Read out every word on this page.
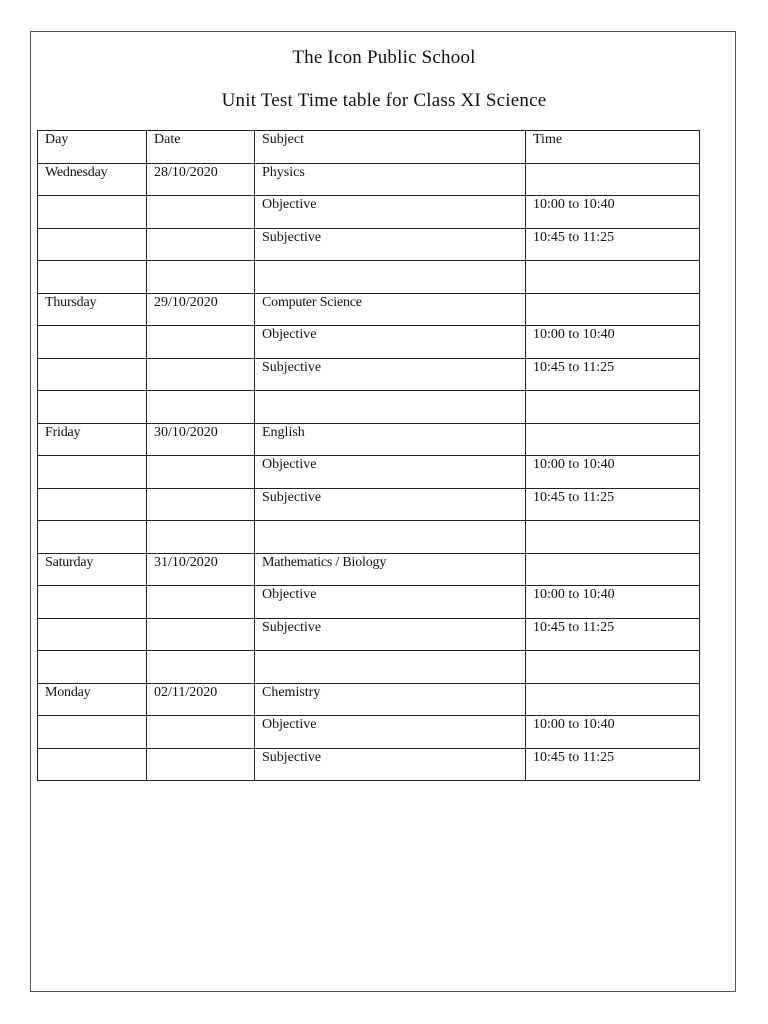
The Icon Public School
Unit Test Time table for Class XI Science
Day	Date	Subject	Time
Wednesday	28/10/2020	Physics	
		Objective	10:00 to 10:40
		Subjective	10:45 to 11:25

Thursday	29/10/2020	Computer Science	
		Objective	10:00 to 10:40
		Subjective	10:45 to 11:25

Friday	30/10/2020	English	
		Objective	10:00 to 10:40
		Subjective	10:45 to 11:25

Saturday	31/10/2020	Mathematics / Biology	
		Objective	10:00 to 10:40
		Subjective	10:45 to 11:25

Monday	02/11/2020	Chemistry	
		Objective	10:00 to 10:40
		Subjective	10:45 to 11:25
